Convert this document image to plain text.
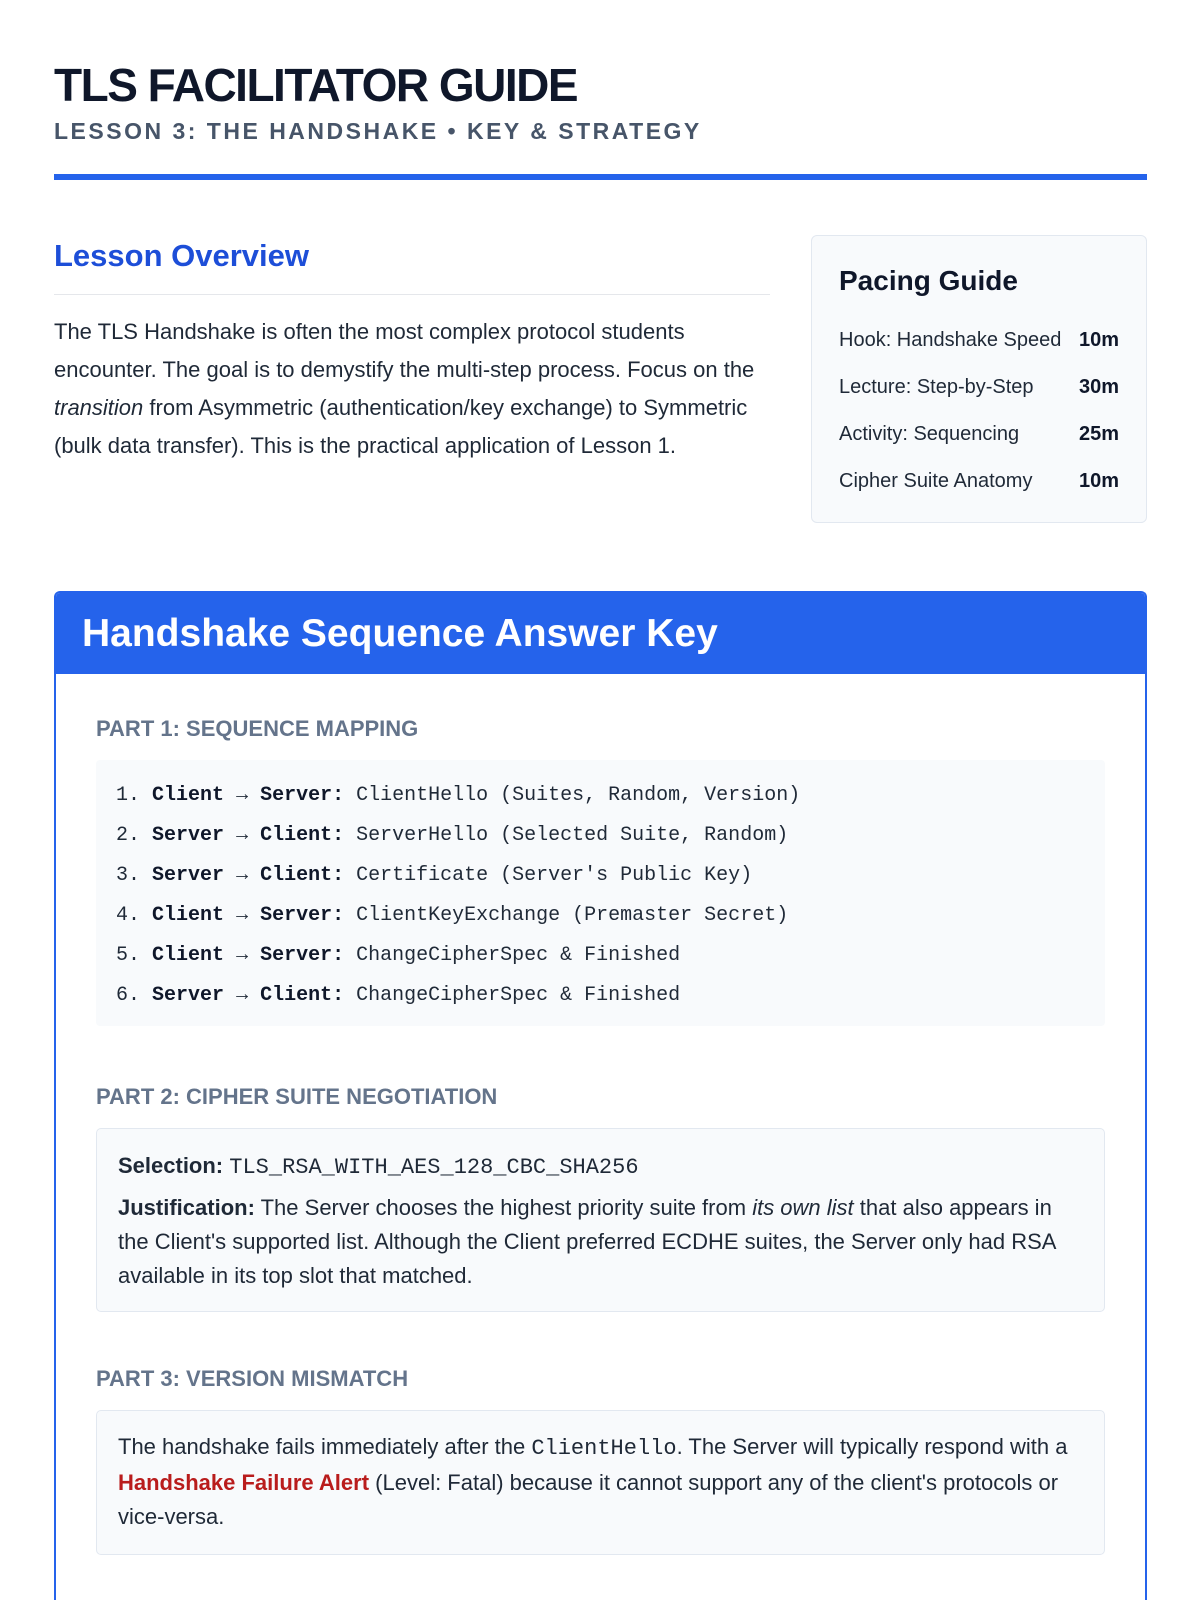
TLS FACILITATOR GUIDE
LESSON 3: THE HANDSHAKE • KEY & STRATEGY
Lesson Overview

The TLS Handshake is often the most complex protocol students encounter. The goal is to demystify the multi-step process. Focus on the transition from Asymmetric (authentication/key exchange) to Symmetric (bulk data transfer). This is the practical application of Lesson 1.

Pacing Guide
Hook: Handshake Speed 10m
Lecture: Step-by-Step 30m
Activity: Sequencing	25m
Cipher Suite Anatomy 10m
Handshake Sequence Answer Key
PART 1: SEQUENCE MAPPING
1. Client → Server: ClientHello (Suites, Random, Version)
2. Server → Client: ServerHello (Selected Suite, Random)
3. Server → Client: Certificate (Server's Public Key)
4. Client → Server: ClientKeyExchange (Premaster Secret)
5. Client → Server: ChangeCipherSpec & Finished
6. Server → Client: ChangeCipherSpec & Finished
PART 2: CIPHER SUITE NEGOTIATION

Selection: TLS_RSA_WITH_AES_128_CBC_SHA256

Justification: The Server chooses the highest priority suite from its own list that also appears in the Client's supported list. Although the Client preferred ECDHE suites, the Server only had RSA available in its top slot that matched.

PART 3: VERSION MISMATCH

The handshake fails immediately after the ClientHello. The Server will typically respond with a Handshake Failure Alert (Level: Fatal) because it cannot support any of the client's protocols or vice-versa.
